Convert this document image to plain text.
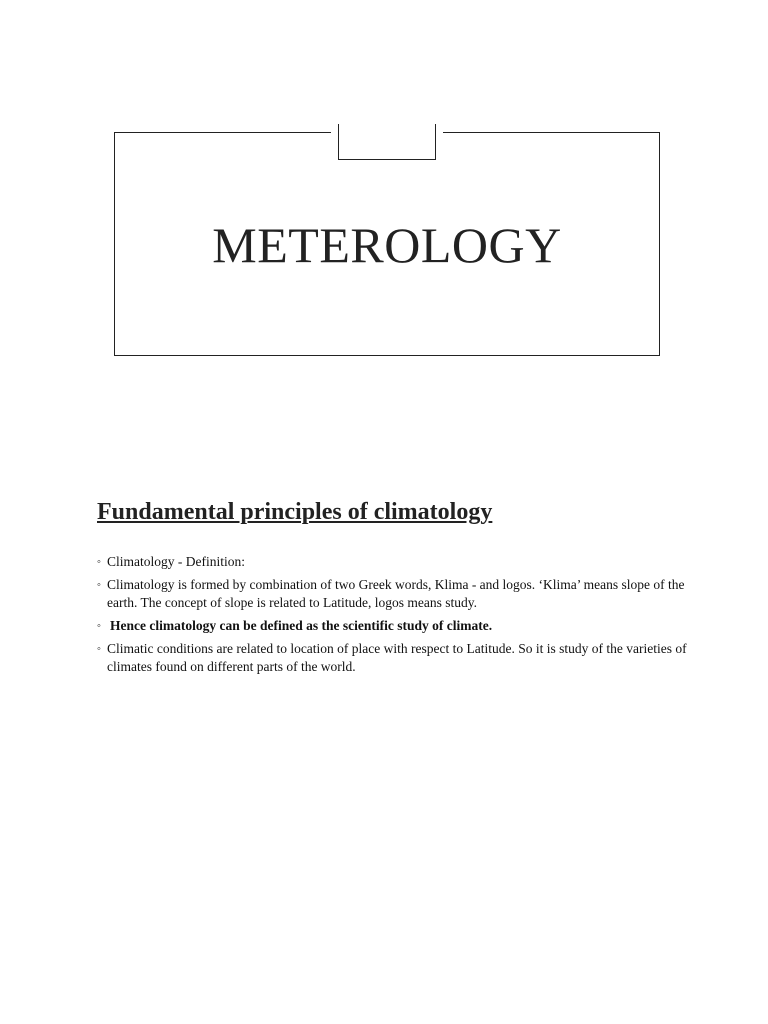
METEROLOGY
Fundamental principles of climatology
◦ Climatology - Definition:
◦ Climatology is formed by combination of two Greek words, Klima - and logos. ‘Klima’ means slope of the earth. The concept of slope is related to Latitude, logos means study.
◦ Hence climatology can be defined as the scientific study of climate.
◦ Climatic conditions are related to location of place with respect to Latitude. So it is study of the varieties of climates found on different parts of the world.
